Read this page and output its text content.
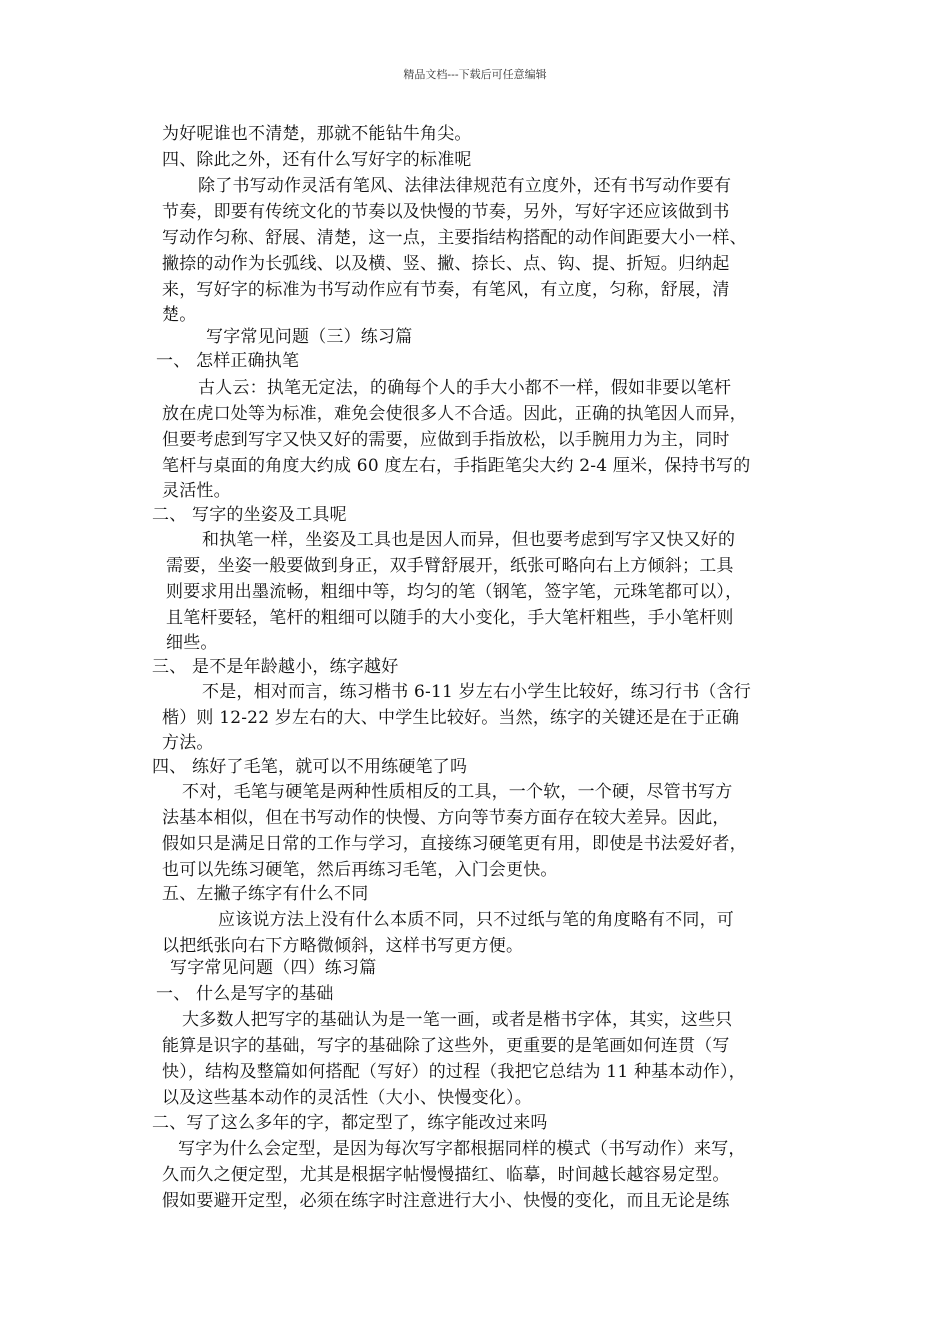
精品文档---下载后可任意编辑
为好呢谁也不清楚，那就不能钻牛角尖。
四、除此之外，还有什么写好字的标准呢
除了书写动作灵活有笔风、法律法律规范有立度外，还有书写动作要有
节奏，即要有传统文化的节奏以及快慢的节奏，另外，写好字还应该做到书
写动作匀称、舒展、清楚，这一点，主要指结构搭配的动作间距要大小一样、
撇捺的动作为长弧线、以及横、竖、撇、捺长、点、钩、提、折短。归纳起
来，写好字的标准为书写动作应有节奏，有笔风，有立度，匀称，舒展，清
楚。
写字常见问题（三）练习篇
一、 怎样正确执笔
古人云：执笔无定法，的确每个人的手大小都不一样，假如非要以笔杆
放在虎口处等为标准，难免会使很多人不合适。因此，正确的执笔因人而异，
但要考虑到写字又快又好的需要，应做到手指放松，以手腕用力为主，同时
笔杆与桌面的角度大约成 60 度左右，手指距笔尖大约 2-4 厘米，保持书写的
灵活性。
二、 写字的坐姿及工具呢
和执笔一样，坐姿及工具也是因人而异，但也要考虑到写字又快又好的
需要，坐姿一般要做到身正，双手臂舒展开，纸张可略向右上方倾斜；工具
则要求用出墨流畅，粗细中等，均匀的笔（钢笔，签字笔，元珠笔都可以），
且笔杆要轻，笔杆的粗细可以随手的大小变化，手大笔杆粗些，手小笔杆则
细些。
三、 是不是年龄越小，练字越好
不是，相对而言，练习楷书 6-11 岁左右小学生比较好，练习行书（含行
楷）则 12-22 岁左右的大、中学生比较好。当然，练字的关键还是在于正确
方法。
四、 练好了毛笔，就可以不用练硬笔了吗
不对，毛笔与硬笔是两种性质相反的工具，一个软，一个硬，尽管书写方
法基本相似，但在书写动作的快慢、方向等节奏方面存在较大差异。因此，
假如只是满足日常的工作与学习，直接练习硬笔更有用，即使是书法爱好者，
也可以先练习硬笔，然后再练习毛笔，入门会更快。
五、左撇子练字有什么不同
应该说方法上没有什么本质不同，只不过纸与笔的角度略有不同，可
以把纸张向右下方略微倾斜，这样书写更方便。
写字常见问题（四）练习篇
一、 什么是写字的基础
大多数人把写字的基础认为是一笔一画，或者是楷书字体，其实，这些只
能算是识字的基础，写字的基础除了这些外，更重要的是笔画如何连贯（写
快），结构及整篇如何搭配（写好）的过程（我把它总结为 11 种基本动作），
以及这些基本动作的灵活性（大小、快慢变化）。
二、写了这么多年的字，都定型了，练字能改过来吗
写字为什么会定型，是因为每次写字都根据同样的模式（书写动作）来写，
久而久之便定型，尤其是根据字帖慢慢描红、临摹，时间越长越容易定型。
假如要避开定型，必须在练字时注意进行大小、快慢的变化，而且无论是练
